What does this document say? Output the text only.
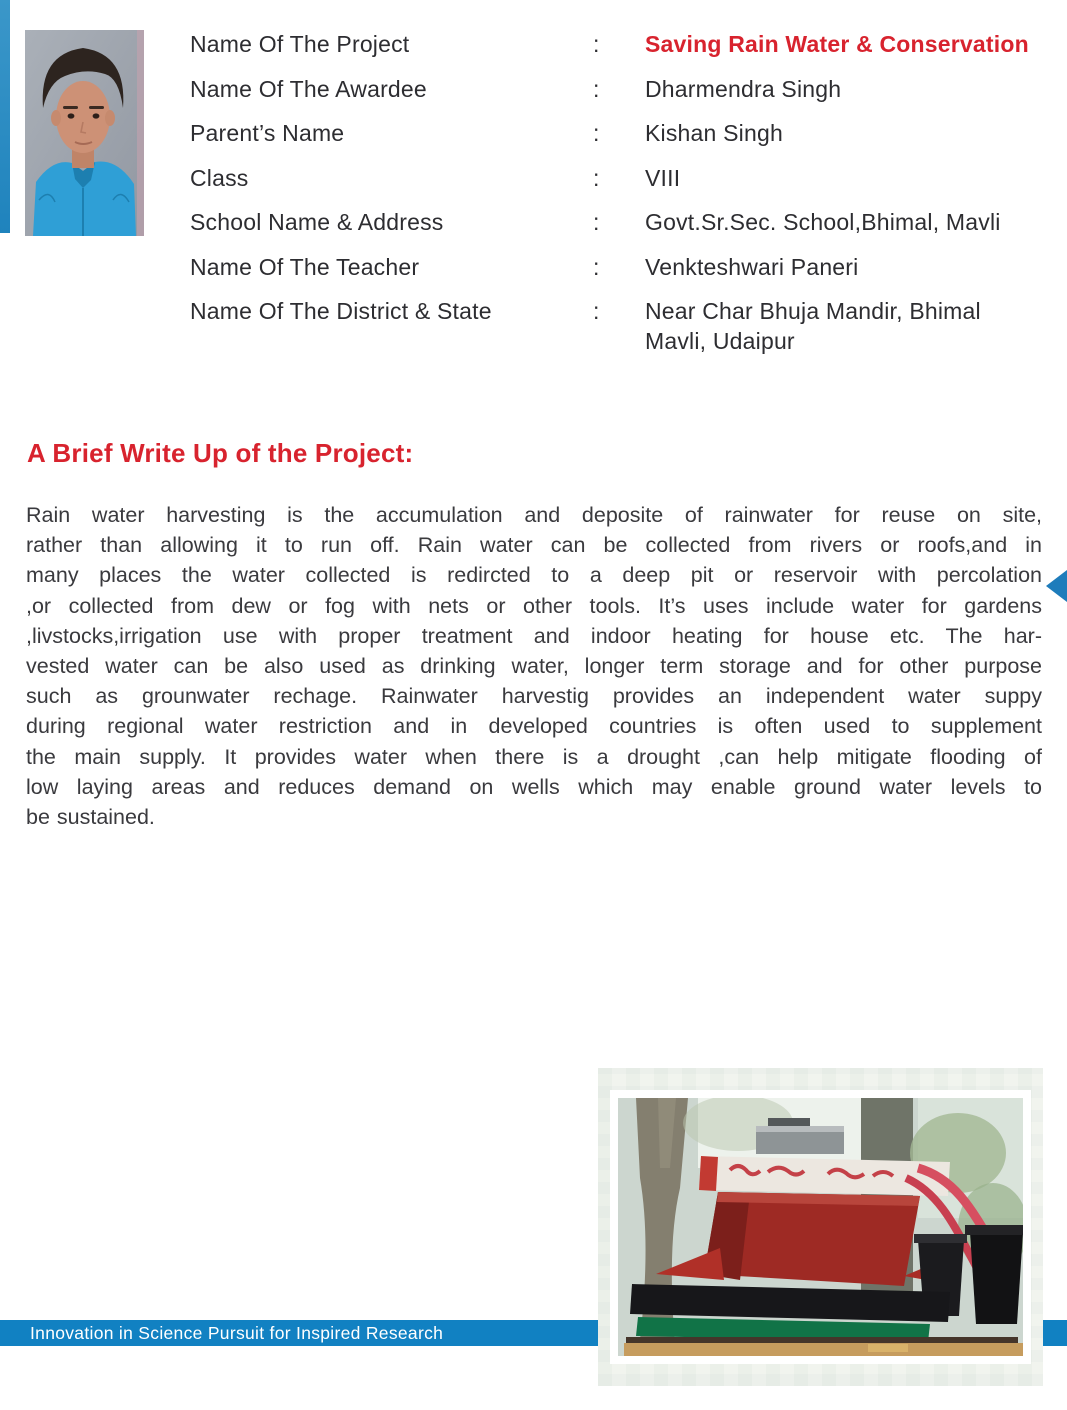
Name Of The Project	:	Saving Rain Water & Conservation
Name Of The Awardee	:	Dharmendra Singh
Parent’s Name	:	Kishan Singh
Class	:	VIII
School Name & Address	:	Govt.Sr.Sec. School,Bhimal, Mavli
Name Of The Teacher	:	Venkteshwari Paneri
Name Of The District & State	:	Near Char Bhuja Mandir, Bhimal
Mavli, Udaipur
A Brief Write Up of the Project:
Rain water harvesting is the accumulation and deposite of rainwater for reuse on site,
rather than allowing it to run off. Rain water can be collected from rivers or roofs,and in
many places the water collected is redircted to a deep pit or reservoir with percolation
,or collected from dew or fog with nets or other tools. It’s uses include water for gardens
,livstocks,irrigation use with proper treatment and indoor heating for house etc. The har-
vested water can be also used as drinking water, longer term storage and for other purpose
such as grounwater rechage. Rainwater harvestig provides an independent water suppy
during regional water restriction and in developed countries is often used to supplement
the main supply. It provides water when there is a drought ,can help mitigate flooding of
low laying areas and reduces demand on wells which may enable ground water levels to
be sustained.
Innovation in Science Pursuit for Inspired Research
